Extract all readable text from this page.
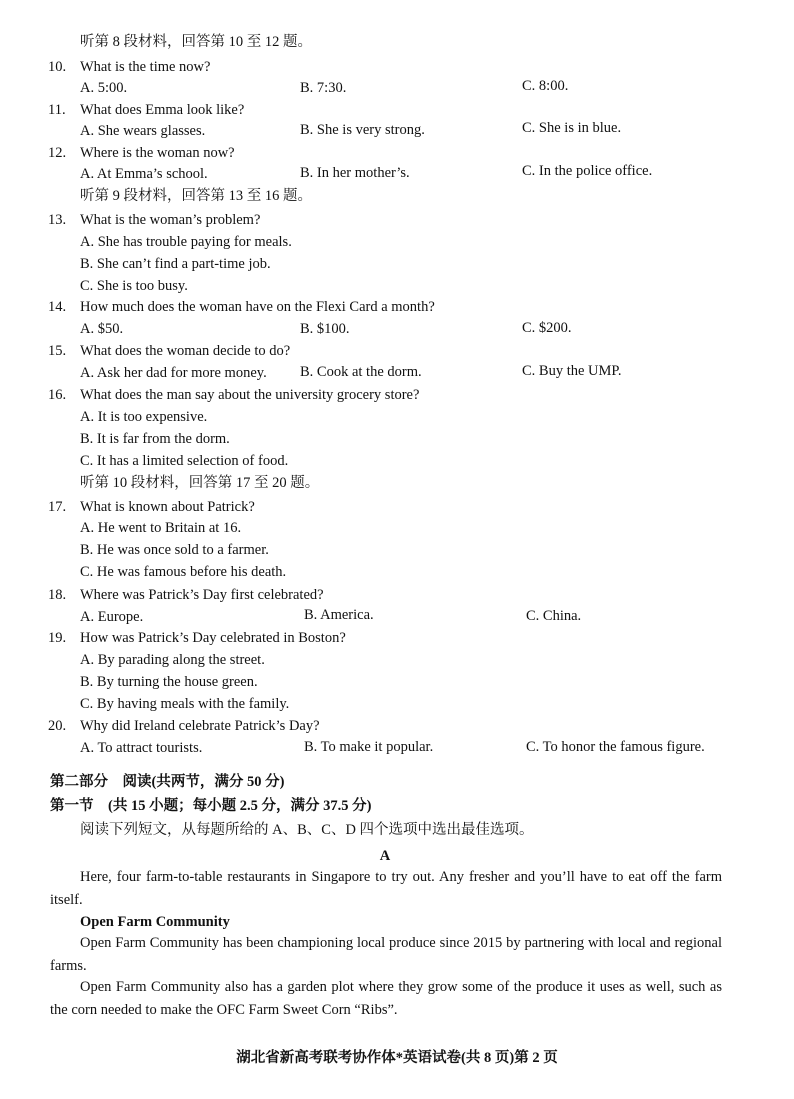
听第 8 段材料，回答第 10 至 12 题。
10. What is the time now?
A. 5:00.	B. 7:30.	C. 8:00.
11. What does Emma look like?
A. She wears glasses.	B. She is very strong.	C. She is in blue.
12. Where is the woman now?
A. At Emma’s school.	B. In her mother’s.	C. In the police office.
听第 9 段材料，回答第 13 至 16 题。
13. What is the woman’s problem?
A. She has trouble paying for meals.
B. She can’t find a part-time job.
C. She is too busy.
14. How much does the woman have on the Flexi Card a month?
A. $50.	B. $100.	C. $200.
15. What does the woman decide to do?
A. Ask her dad for more money. B. Cook at the dorm.	C. Buy the UMP.
16. What does the man say about the university grocery store?
A. It is too expensive.
B. It is far from the dorm.
C. It has a limited selection of food.
听第 10 段材料，回答第 17 至 20 题。
17. What is known about Patrick?
A. He went to Britain at 16.
B. He was once sold to a farmer.
C. He was famous before his death.
18. Where was Patrick’s Day first celebrated?
A. Europe.	B. America.	C. China.
19. How was Patrick’s Day celebrated in Boston?
A. By parading along the street.
B. By turning the house green.
C. By having meals with the family.
20. Why did Ireland celebrate Patrick’s Day?
A. To attract tourists.	B. To make it popular.	C. To honor the famous figure.
第二部分　阅读(共两节，满分 50 分)
第一节　(共 15 小题；每小题 2.5 分，满分 37.5 分)
阅读下列短文，从每题所给的 A、B、C、D 四个选项中选出最佳选项。
A
Here, four farm-to-table restaurants in Singapore to try out. Any fresher and you’ll have to eat off the farm itself.
Open Farm Community
Open Farm Community has been championing local produce since 2015 by partnering with local and regional farms.
Open Farm Community also has a garden plot where they grow some of the produce it uses as well, such as the corn needed to make the OFC Farm Sweet Corn “Ribs”.
湖北省新高考联考协作体*英语试卷(共 8 页)第 2 页
